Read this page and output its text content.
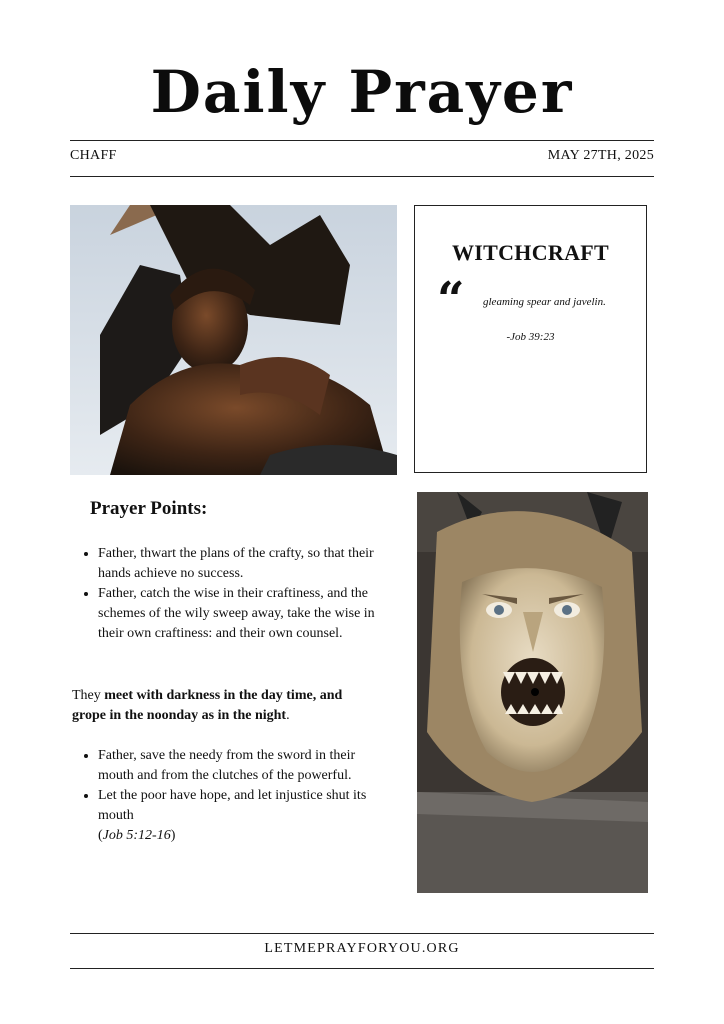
Daily Prayer
CHAFF	MAY 27TH, 2025
WITCHCRAFT
“ gleaming spear and javelin.
-Job 39:23
Prayer Points:
• Father, thwart the plans of the crafty, so that their hands achieve no success.
• Father, catch the wise in their craftiness, and the schemes of the wily sweep away, take the wise in their own craftiness: and their own counsel.
They meet with darkness in the day time, and grope in the noonday as in the night.
• Father, save the needy from the sword in their mouth and from the clutches of the powerful.
• Let the poor have hope, and let injustice shut its mouth
(Job 5:12-16)
LETMEPRAYFORYOU.ORG
